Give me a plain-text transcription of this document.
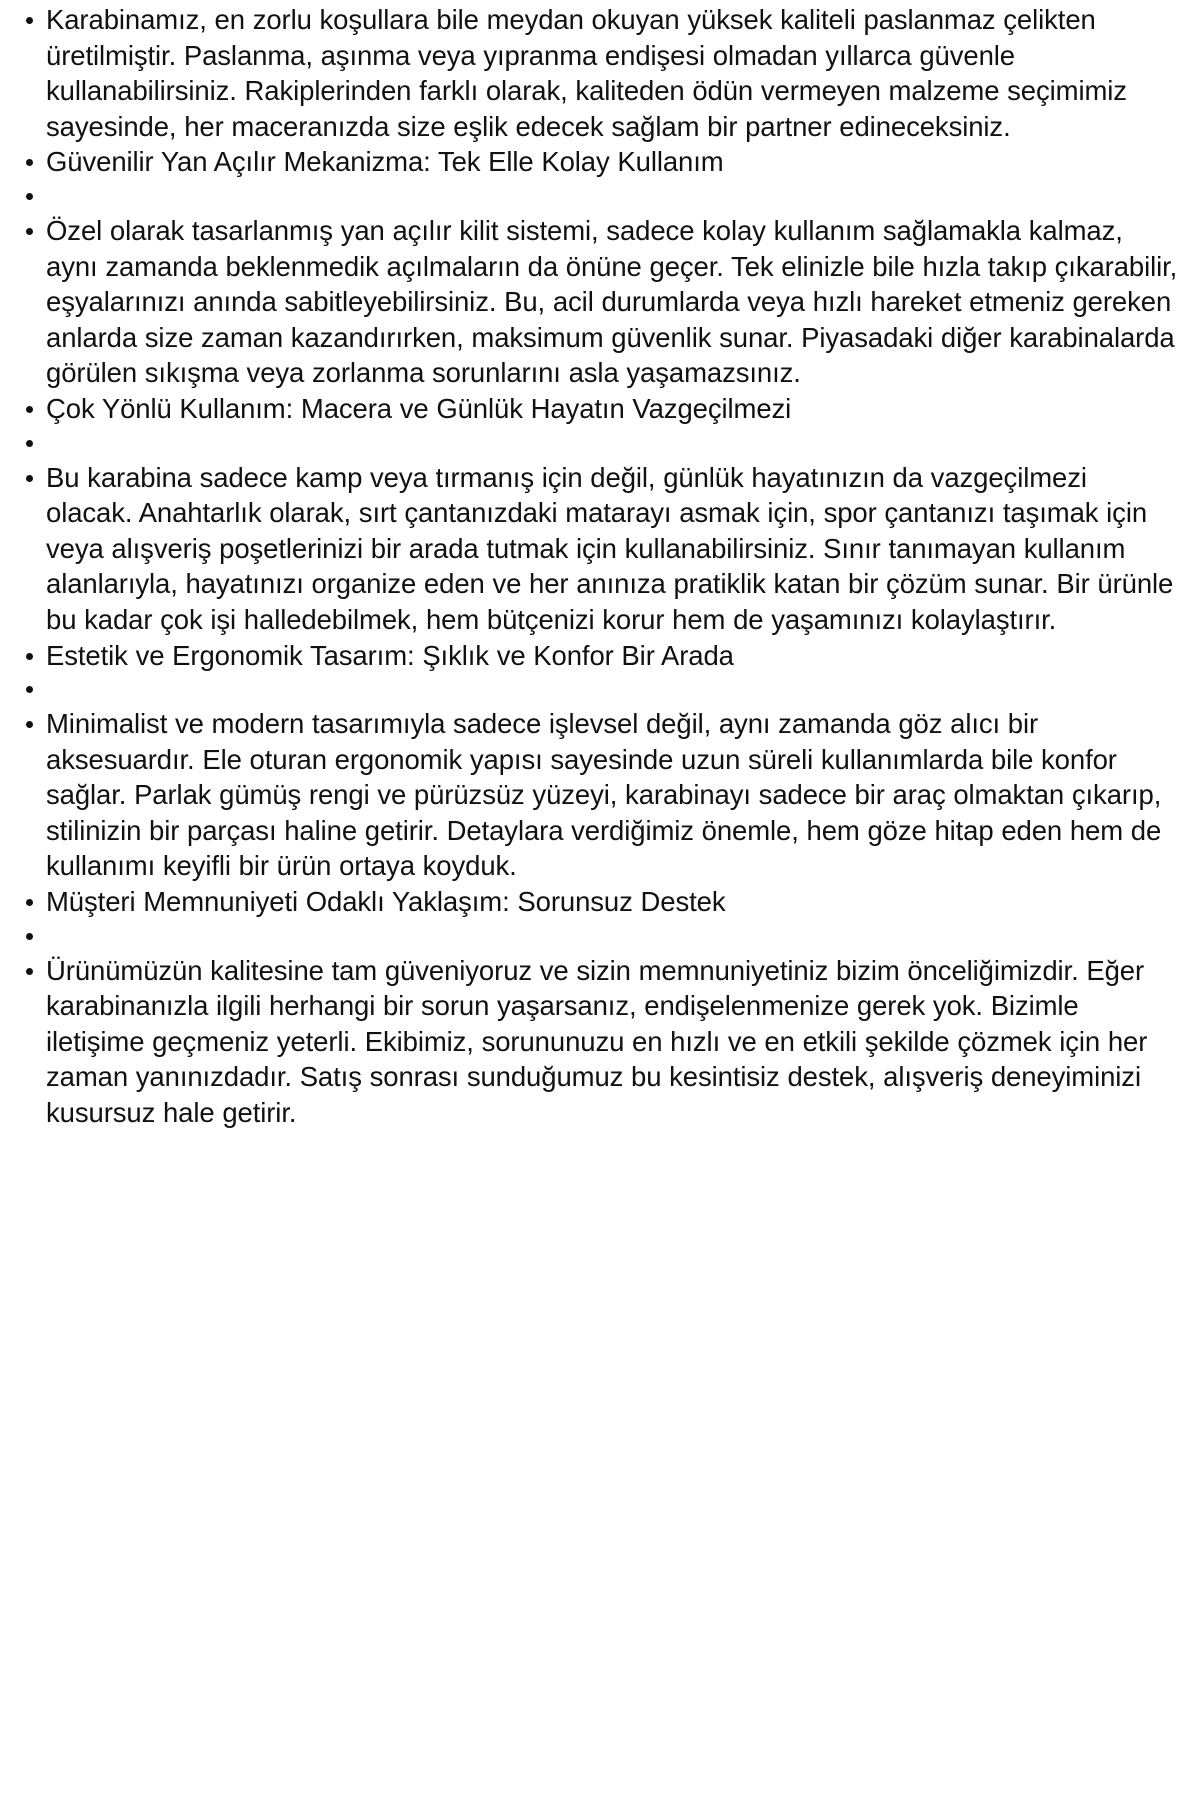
Karabinamız, en zorlu koşullara bile meydan okuyan yüksek kaliteli paslanmaz çelikten üretilmiştir. Paslanma, aşınma veya yıpranma endişesi olmadan yıllarca güvenle kullanabilirsiniz. Rakiplerinden farklı olarak, kaliteden ödün vermeyen malzeme seçimimiz sayesinde, her maceranızda size eşlik edecek sağlam bir partner edineceksiniz.
Güvenilir Yan Açılır Mekanizma: Tek Elle Kolay Kullanım
Özel olarak tasarlanmış yan açılır kilit sistemi, sadece kolay kullanım sağlamakla kalmaz, aynı zamanda beklenmedik açılmaların da önüne geçer. Tek elinizle bile hızla takıp çıkarabilir, eşyalarınızı anında sabitleyebilirsiniz. Bu, acil durumlarda veya hızlı hareket etmeniz gereken anlarda size zaman kazandırırken, maksimum güvenlik sunar. Piyasadaki diğer karabinalarda görülen sıkışma veya zorlanma sorunlarını asla yaşamazsınız.
Çok Yönlü Kullanım: Macera ve Günlük Hayatın Vazgeçilmezi
Bu karabina sadece kamp veya tırmanış için değil, günlük hayatınızın da vazgeçilmezi olacak. Anahtarlık olarak, sırt çantanızdaki matarayı asmak için, spor çantanızı taşımak için veya alışveriş poşetlerinizi bir arada tutmak için kullanabilirsiniz. Sınır tanımayan kullanım alanlarıyla, hayatınızı organize eden ve her anınıza pratiklik katan bir çözüm sunar. Bir ürünle bu kadar çok işi halledebilmek, hem bütçenizi korur hem de yaşamınızı kolaylaştırır.
Estetik ve Ergonomik Tasarım: Şıklık ve Konfor Bir Arada
Minimalist ve modern tasarımıyla sadece işlevsel değil, aynı zamanda göz alıcı bir aksesuardır. Ele oturan ergonomik yapısı sayesinde uzun süreli kullanımlarda bile konfor sağlar. Parlak gümüş rengi ve pürüzsüz yüzeyi, karabinayı sadece bir araç olmaktan çıkarıp, stilinizin bir parçası haline getirir. Detaylara verdiğimiz önemle, hem göze hitap eden hem de kullanımı keyifli bir ürün ortaya koyduk.
Müşteri Memnuniyeti Odaklı Yaklaşım: Sorunsuz Destek
Ürünümüzün kalitesine tam güveniyoruz ve sizin memnuniyetiniz bizim önceliğimizdir. Eğer karabinanızla ilgili herhangi bir sorun yaşarsanız, endişelenmenize gerek yok. Bizimle iletişime geçmeniz yeterli. Ekibimiz, sorununuzu en hızlı ve en etkili şekilde çözmek için her zaman yanınızdadır. Satış sonrası sunduğumuz bu kesintisiz destek, alışveriş deneyiminizi kusursuz hale getirir.
